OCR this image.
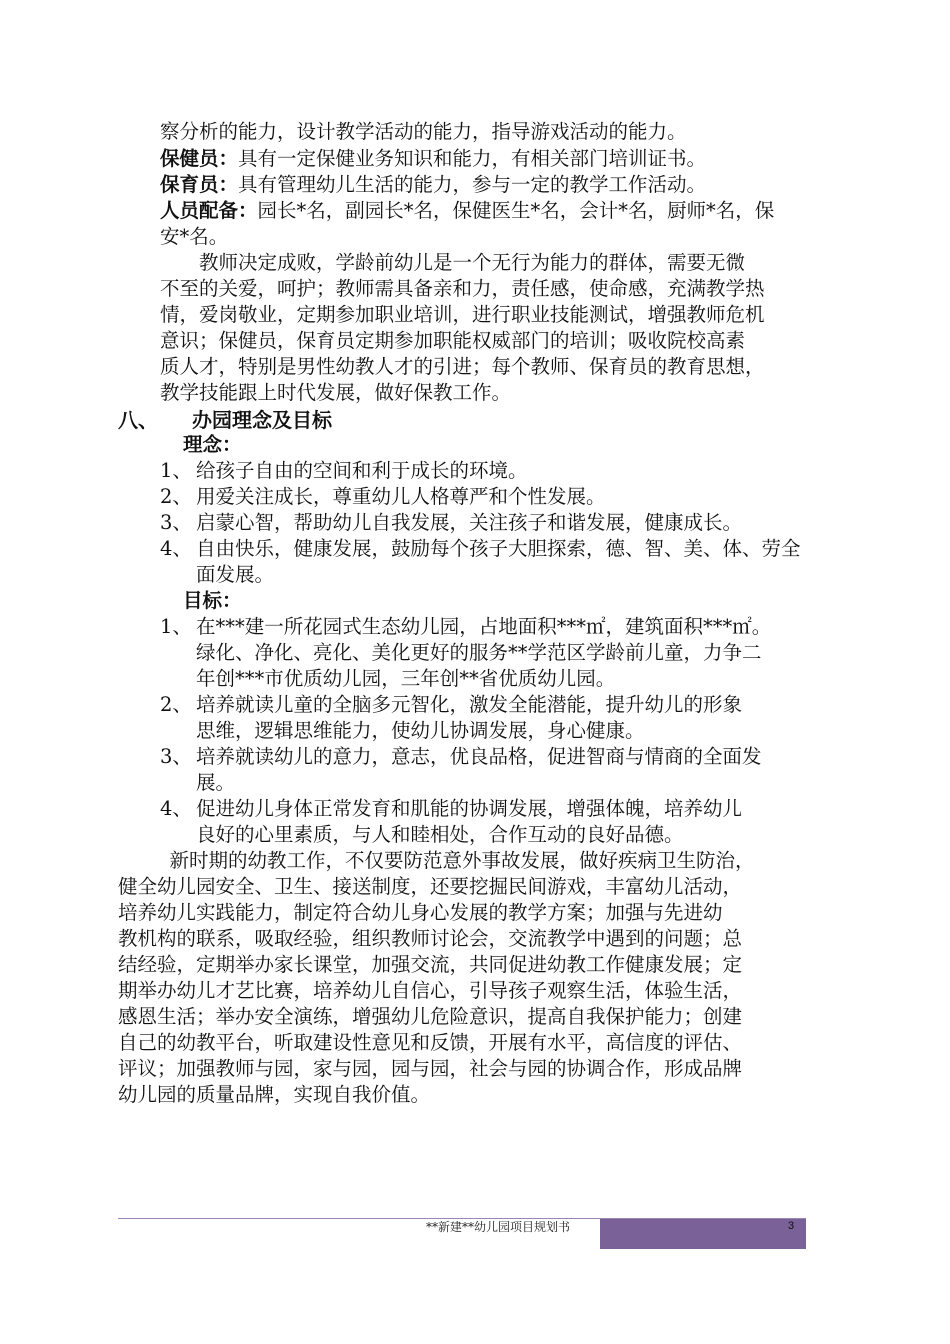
察分析的能力，设计教学活动的能力，指导游戏活动的能力。
保健员：具有一定保健业务知识和能力，有相关部门培训证书。
保育员：具有管理幼儿生活的能力，参与一定的教学工作活动。
人员配备：园长*名，副园长*名，保健医生*名，会计*名，厨师*名，保
安*名。
　　教师决定成败，学龄前幼儿是一个无行为能力的群体，需要无微
不至的关爱，呵护；教师需具备亲和力，责任感，使命感，充满教学热
情，爱岗敬业，定期参加职业培训，进行职业技能测试，增强教师危机
意识；保健员，保育员定期参加职能权威部门的培训；吸收院校高素
质人才，特别是男性幼教人才的引进；每个教师、保育员的教育思想，
教学技能跟上时代发展，做好保教工作。
八、 办园理念及目标
理念：
1、 给孩子自由的空间和利于成长的环境。
2、 用爱关注成长，尊重幼儿人格尊严和个性发展。
3、 启蒙心智，帮助幼儿自我发展，关注孩子和谐发展，健康成长。
4、 自由快乐，健康发展，鼓励每个孩子大胆探索，德、智、美、体、劳全
面发展。
目标：
1、 在***建一所花园式生态幼儿园，占地面积***㎡，建筑面积***㎡。
绿化、净化、亮化、美化更好的服务**学范区学龄前儿童，力争二
年创***市优质幼儿园，三年创**省优质幼儿园。
2、 培养就读儿童的全脑多元智化，激发全能潜能，提升幼儿的形象
思维，逻辑思维能力，使幼儿协调发展，身心健康。
3、 培养就读幼儿的意力，意志，优良品格，促进智商与情商的全面发
展。
4、 促进幼儿身体正常发育和肌能的协调发展，增强体魄，培养幼儿
良好的心里素质，与人和睦相处，合作互动的良好品德。
　新时期的幼教工作，不仅要防范意外事故发展，做好疾病卫生防治，
健全幼儿园安全、卫生、接送制度，还要挖掘民间游戏，丰富幼儿活动，
培养幼儿实践能力，制定符合幼儿身心发展的教学方案；加强与先进幼
教机构的联系，吸取经验，组织教师讨论会，交流教学中遇到的问题；总
结经验，定期举办家长课堂，加强交流，共同促进幼教工作健康发展；定
期举办幼儿才艺比赛，培养幼儿自信心，引导孩子观察生活，体验生活，
感恩生活；举办安全演练，增强幼儿危险意识，提高自我保护能力；创建
自己的幼教平台，听取建设性意见和反馈，开展有水平，高信度的评估、
评议；加强教师与园，家与园，园与园，社会与园的协调合作，形成品牌
幼儿园的质量品牌，实现自我价值。
**新建**幼儿园项目规划书	3
